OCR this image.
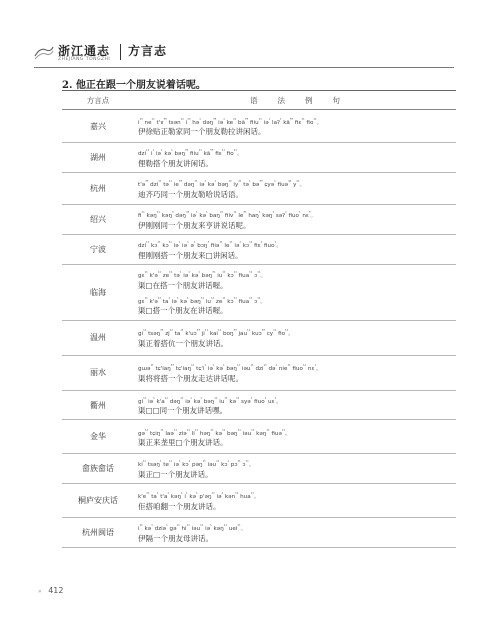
浙江通志
ZHEJIANG TONGZHI
方言志
2. 他正在跟一个朋友说着话呢。
方言点	语法例句
嘉兴	$i^{^{13}}$ $ne^{^{11}}$ t'ɤ$^{^{55}}$ tsən$^{^{21}}$ $i^{^{13}}$ hə$^{^1}$ dəŋ$^{^{55}}$ iə$^{^1}$ $ke^{^{21}}$ $bă^{^{55}}$ fiiu$^{^{11}}$ iə$^{^1}$ laʔ$^{^1}$ $kã^{^{55}}$ fiɛ$^{^{11}}$ fio$^{^{11}}$。
伊徐贴正勒家同一个朋友勒拉讲闲话。

湖州	dzi$^{^{11}}$ $i^{^1}$ iə$^{^1}$ kə$^{^1}$ bəŋ$^{^{33}}$ fiiu$^{^{11}}$ $kã^{^{55}}$ fiɛ$^{^{11}}$ fio$^{^{11}}$。
俚勒搭个朋友讲闲话。

杭州	t'ə$^{^{33}}$ dzi$^{^{11}}$ tə$^{^{11}}$ $ie^{^{33}}$ dəŋ$^{^{11}}$ iə$^{^1}$ kə$^{^1}$ bəŋ$^{^{13}}$ $iy^{^{21}}$ tə$^{^1}$ bə$^{^{33}}$ ɕyə$^{^1}$ fiuə$^{^{44}}$ $y^{^{21}}$。
迪齐巧同一个朋友勒哈说话语。

绍兴	$fi^{^{21}}$ kəŋ$^{^{21}}$ kəŋ$^{^3}$ dəŋ$^{^{33}}$ iə$^{^1}$ kə$^{^1}$ baŋ$^{^{21}}$ fiiv$^{^{11}}$ $le^{^{31}}$ haŋ$^{^1}$ kəŋ$^{^1}$ səʔ$^{^1}$ fiuo$^{^1}$ nɛ$^{^5}$。
伊刚刚同一个朋友来亨讲说话呢。

宁波	dzi$^{^{11}}$ kɔ$^{^{11}}$ kɔ$^{^{11}}$ iə$^{^1}$ iə$^{^1}$ ə$^{^1}$ bɔŋ$^{^3}$ fiiə$^{^{11}}$ $le^{^{11}}$ iə$^{^1}$ kɔ$^{^{11}}$ fiɛ$^{^1}$ fiuo$^{^1}$。
俚刚刚搭一个朋友来□讲闲话。

临海	gɛ$^{^{11}}$ k'ə$^{^{11}}$ $ze^{^{11}}$ tə$^{^1}$ iə$^{^1}$ kə$^{^1}$ bəŋ$^{^{31}}$ $iu^{^{11}}$ kɔ$^{^{11}}$ fiua$^{^{11}}$ ɔ$^{^{11}}$。
渠□在搭一个朋友讲话喔。
gɛ$^{^{11}}$ k'ə$^{^{11}}$ $ta^{^1}$ iə$^{^1}$ kə$^{^1}$ bəŋ$^{^{11}}$ $iu^{^{11}}$ $ze^{^{11}}$ kɔ$^{^{11}}$ fiua$^{^{11}}$ ɔ$^{^{11}}$。
渠□搭一个朋友在讲话喔。

温州	$gi^{^{11}}$ tsəŋ$^{^{33}}$ $zj^{^{11}}$ $ta^{^{11}}$ k'uɔ$^{^{33}}$ $ji^{^{11}}$ kai$^{^{11}}$ boŋ$^{^{33}}$ jau$^{^{11}}$ kuɔ$^{^{33}}$ $cy^{^{11}}$ fio$^{^{11}}$。
渠正着搭伉一个朋友讲话。

丽水	gɯə$^{^{11}}$ tɕ'iaŋ$^{^{33}}$ tɕ'iaŋ$^{^{11}}$ $tɕ'i^{^1}$ iə$^{^1}$ kə$^{^1}$ bəŋ$^{^{11}}$ iəu$^{^{11}}$ dzi$^{^{11}}$ də$^{^1}$ nie$^{^{11}}$ fiuo$^{^{11}}$ nɛ$^{^1}$。
渠将将搭一个朋友走达讲话呢。

衢州	$gi^{^{11}}$ iə$^{^1}$ $k'a^{^{11}}$ dəŋ$^{^{11}}$ iə$^{^1}$ kə$^{^1}$ bəŋ$^{^{11}}$ $iu^{^{11}}$ kə$^{^{11}}$ syə$^{^1}$ fiuo$^{^1}$ uɛ$^{^1}$。
渠□□同一个朋友讲话嘿。

金华	gə$^{^{11}}$ tɕiŋ$^{^{11}}$ laə$^{^{11}}$ ziə$^{^{11}}$ $li^{^{11}}$ həŋ$^{^{11}}$ kə$^{^{11}}$ bəŋ$^{^{11}}$ iəu$^{^{11}}$ kəŋ$^{^{11}}$ fiuə$^{^{11}}$。
渠正来垄里□个朋友讲话。

畲族畲话	$ki^{^{11}}$ tsəŋ$^{^1}$ $te^{^{11}}$ iə$^{^1}$ kɔ$^{^1}$ pəŋ$^{^{11}}$ iəu$^{^{11}}$ kɔ$^{^1}$ pɔ$^{^{11}}$ ɔ$^{^{11}}$。
渠正□一个朋友讲话。

桐庐安庆话	$k'e^{^{11}}$ $ta^{^1}$ $t'a^{^1}$ kəŋ$^{^1}$ $i^{^1}$ kə$^{^1}$ p'əŋ$^{^{11}}$ iə$^{^1}$ kən$^{^{11}}$ hua$^{^{11}}$。
佢搭咱翻一个朋友讲话。

杭州闽语	$i^{^{11}}$ kə$^{^1}$ dziə$^{^1}$ gə$^{^{11}}$ $hi^{^{11}}$ iəu$^{^{11}}$ iə$^{^1}$ kəŋ$^{^{11}}$ uei$^{^{11}}$。
伊隔一个朋友母讲话。
» 412
